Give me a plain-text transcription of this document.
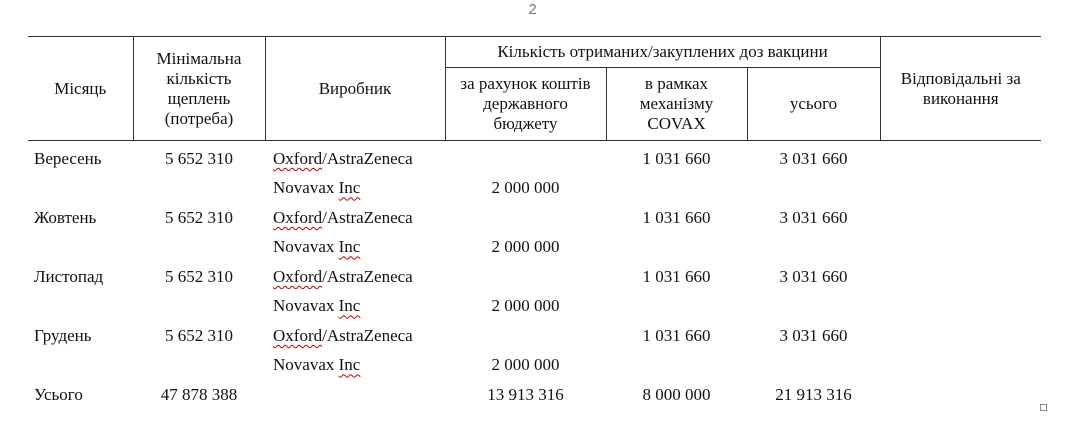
2
Місяць	Мінімальна кількість щеплень (потреба)	Виробник	Кількість отриманих/закуплених доз вакцини			Відповідальні за виконання
			за рахунок коштів державного бюджету	в рамках механізму COVAX	усього	
Вересень	5 652 310	Oxford/AstraZeneca		1 031 660	3 031 660	
		Novavax Inc	2 000 000			
Жовтень	5 652 310	Oxford/AstraZeneca		1 031 660	3 031 660	
		Novavax Inc	2 000 000			
Листопад	5 652 310	Oxford/AstraZeneca		1 031 660	3 031 660	
		Novavax Inc	2 000 000			
Грудень	5 652 310	Oxford/AstraZeneca		1 031 660	3 031 660	
		Novavax Inc	2 000 000			
Усього	47 878 388		13 913 316	8 000 000	21 913 316	
